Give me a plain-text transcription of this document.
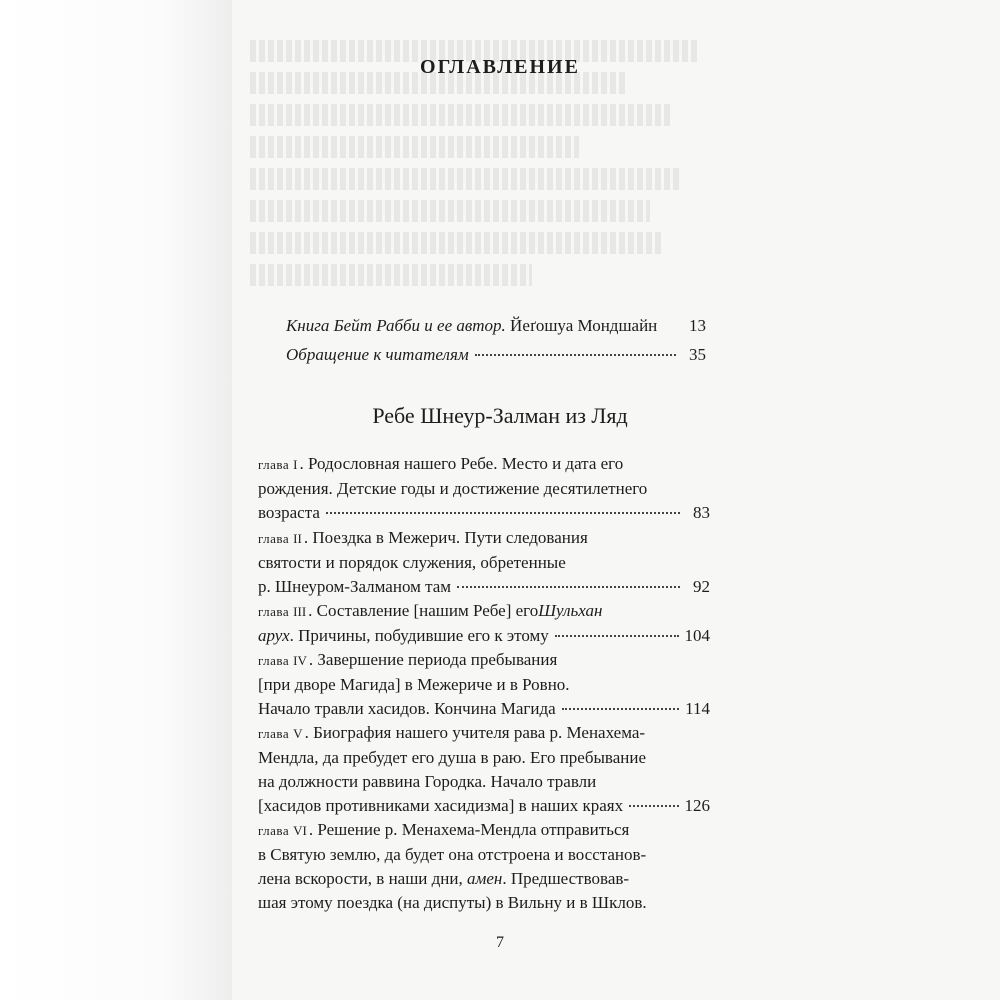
ОГЛАВЛЕНИЕ
Книга Бейт Рабби и ее автор. Йеґошуа Мондшайн	13
Обращение к читателям	35
Ребе Шнеур-Залман из Ляд
глава I . Родословная нашего Ребе. Место и дата его
рождения. Детские годы и достижение десятилетнего
возраста	83
глава II . Поездка в Межерич. Пути следования
святости и порядок служения, обретенные
р. Шнеуром-Залманом там	92
глава III . Составление [нашим Ребе] его Шульхан
арух . Причины, побудившие его к этому	104
глава IV . Завершение периода пребывания
[при дворе Магида] в Межериче и в Ровно.
Начало травли хасидов. Кончина Магида	114
глава V . Биография нашего учителя рава р. Менахема-
Мендла, да пребудет его душа в раю. Его пребывание
на должности раввина Городка. Начало травли
[хасидов противниками хасидизма] в наших краях	126
глава VI . Решение р. Менахема-Мендла отправиться
в Святую землю, да будет она отстроена и восстанов-
лена вскорости, в наши дни,
амен . Предшествовав-
шая этому поездка (на диспуты) в Вильну и в Шклов.
7
